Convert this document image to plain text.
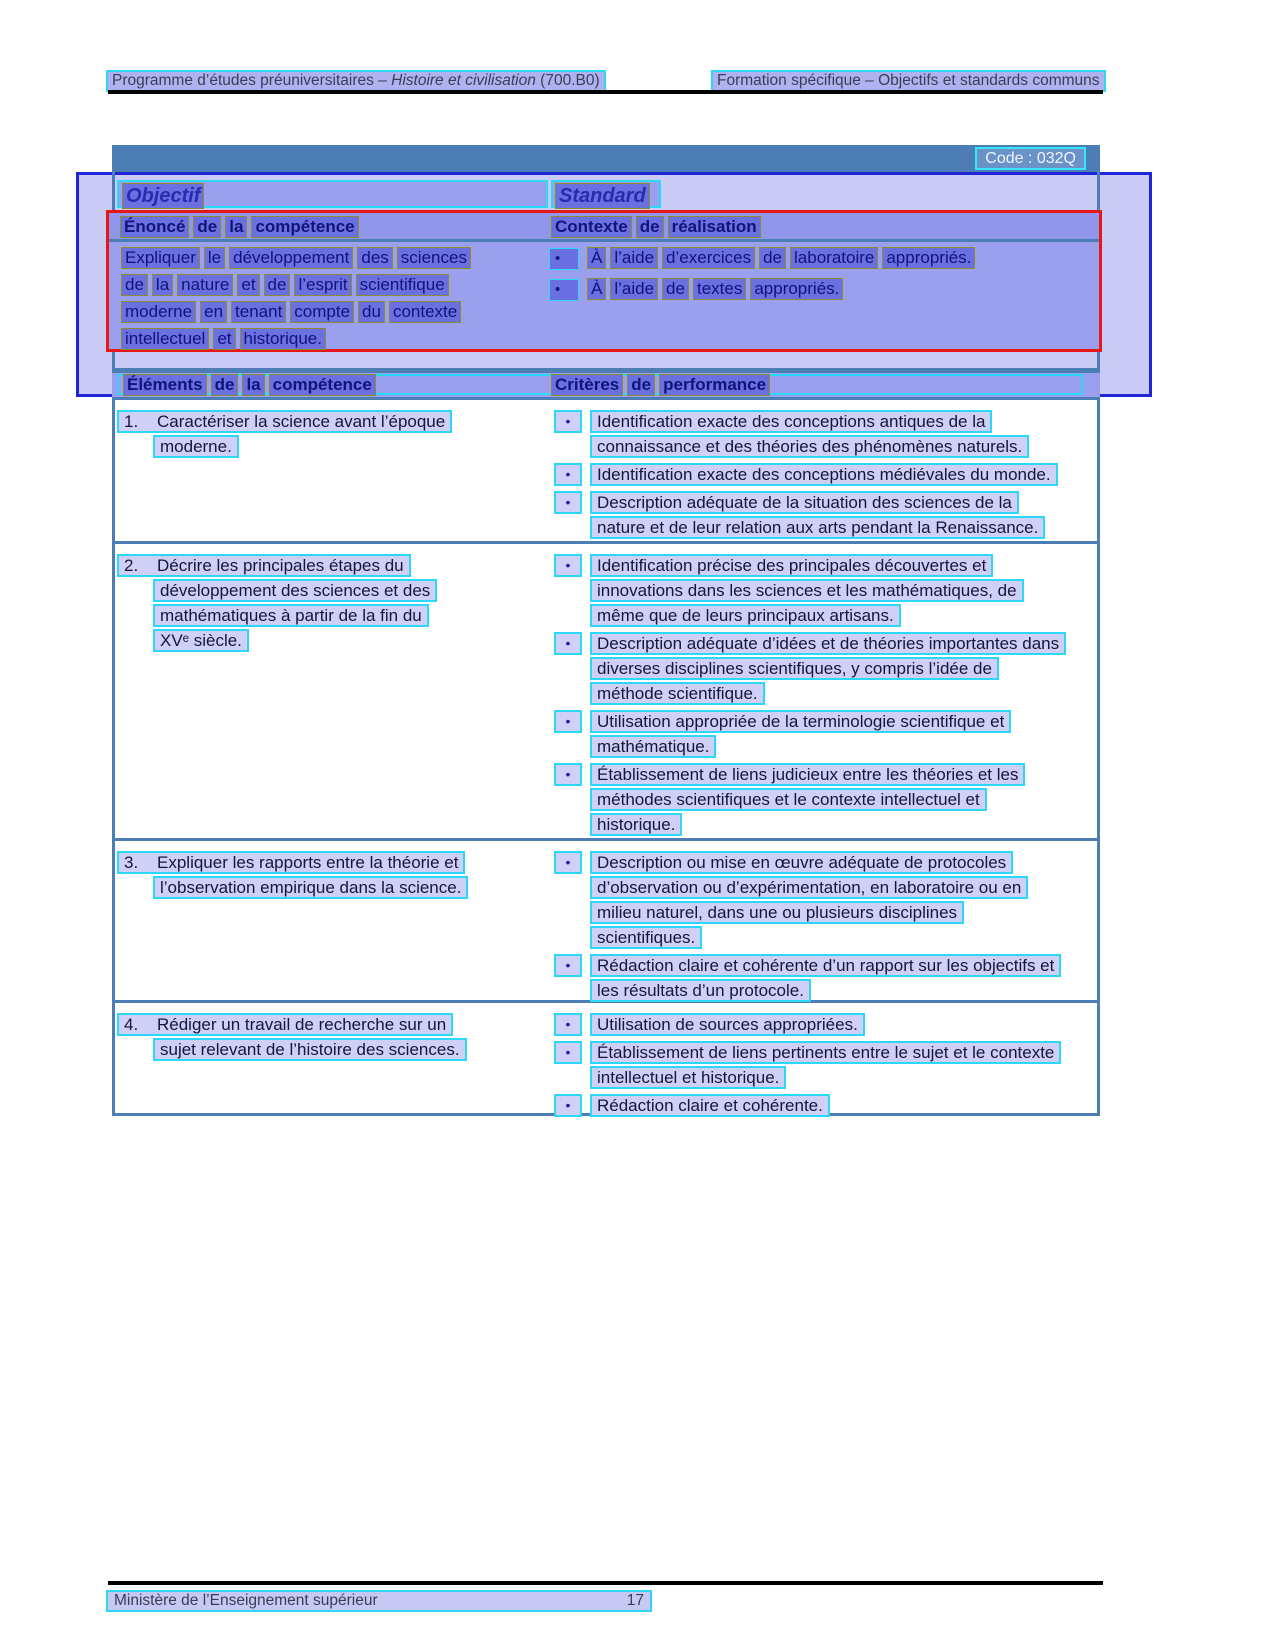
Programme d’études préuniversitaires – Histoire et civilisation (700.B0)	Formation spécifique – Objectifs et standards communs
Code : 032Q
Objectif	Standard
Énoncé de la compétence	Contexte de réalisation
Expliquer le développement des sciences
de la nature et de l’esprit scientifique
moderne en tenant compte du contexte
intellectuel et historique.
• À l’aide d’exercices de laboratoire appropriés.
• À l’aide de textes appropriés.
Éléments de la compétence	Critères de performance
1. Caractériser la science avant l’époque
moderne.
• Identification exacte des conceptions antiques de la
connaissance et des théories des phénomènes naturels.
• Identification exacte des conceptions médiévales du monde.
• Description adéquate de la situation des sciences de la
nature et de leur relation aux arts pendant la Renaissance.
2. Décrire les principales étapes du
développement des sciences et des
mathématiques à partir de la fin du
XVᵉ siècle.
• Identification précise des principales découvertes et
innovations dans les sciences et les mathématiques, de
même que de leurs principaux artisans.
• Description adéquate d’idées et de théories importantes dans
diverses disciplines scientifiques, y compris l’idée de
méthode scientifique.
• Utilisation appropriée de la terminologie scientifique et
mathématique.
• Établissement de liens judicieux entre les théories et les
méthodes scientifiques et le contexte intellectuel et
historique.
3. Expliquer les rapports entre la théorie et
l’observation empirique dans la science.
• Description ou mise en œuvre adéquate de protocoles
d’observation ou d’expérimentation, en laboratoire ou en
milieu naturel, dans une ou plusieurs disciplines
scientifiques.
• Rédaction claire et cohérente d’un rapport sur les objectifs et
les résultats d’un protocole.
4. Rédiger un travail de recherche sur un
sujet relevant de l’histoire des sciences.
• Utilisation de sources appropriées.
• Établissement de liens pertinents entre le sujet et le contexte
intellectuel et historique.
• Rédaction claire et cohérente.
Ministère de l’Enseignement supérieur	17
